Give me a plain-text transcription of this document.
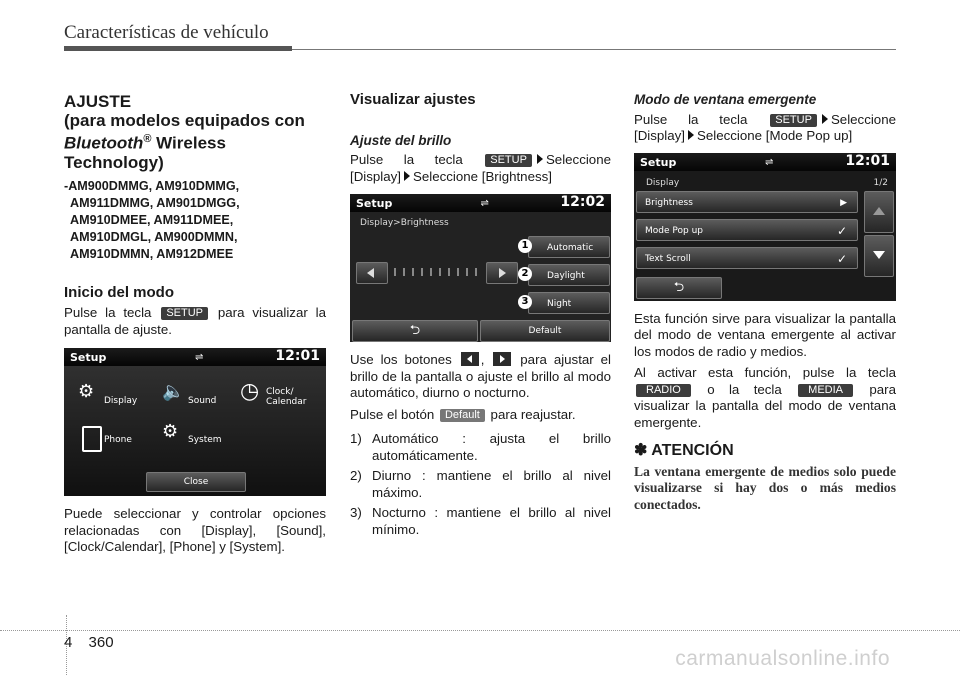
Características de vehículo
AJUSTE
(para modelos equipados con
Bluetooth® Wireless
Technology)
-AM900DMMG, AM910DMMG,
AM911DMMG, AM901DMGG,
AM910DMEE, AM911DMEE,
AM910DMGL, AM900DMMN,
AM910DMMN, AM912DMEE
Inicio del modo

Pulse la tecla SETUP para visualizar la pantalla de ajuste.

Setup	⇌	12:01
⚙ Display 🔈 Sound ◷ Clock/
Calendar
Phone ⚙ System
Close

Puede seleccionar y controlar opciones relacionadas con [Display], [Sound], [Clock/Calendar], [Phone] y [System].

Visualizar ajustes
Ajuste del brillo

Pulse la tecla	SETUP Seleccione [Display] Seleccione [Brightness]

Setup	⇌	12:02
Display>Brightness
Automatic
Daylight
Night
1
2
3
⮌	Default

Use los botones ,
para ajustar el brillo de la pantalla o ajuste el brillo al modo automático, diurno o nocturno.

Pulse el botón Default para reajustar.

1) Automático : ajusta el brillo automáticamente.
2) Diurno : mantiene el brillo al nivel máximo.
3) Nocturno : mantiene el brillo al nivel mínimo.
Modo de ventana emergente

Pulse la tecla	SETUP Seleccione [Display] Seleccione [Mode Pop up]

Setup	⇌	12:01
Display	1/2
Brightness	▶
Mode Pop up	✓
Text Scroll	✓
⮌

Esta función sirve para visualizar la pantalla del modo de ventana emergente al activar los modos de radio y medios.

Al activar esta función, pulse la tecla RADIO o la tecla MEDIA para visualizar la pantalla del modo de ventana emergente.

✽ ATENCIÓN
La ventana emergente de medios solo puede visualizarse si hay dos o más medios conectados.
4 360
carmanualsonline.info
